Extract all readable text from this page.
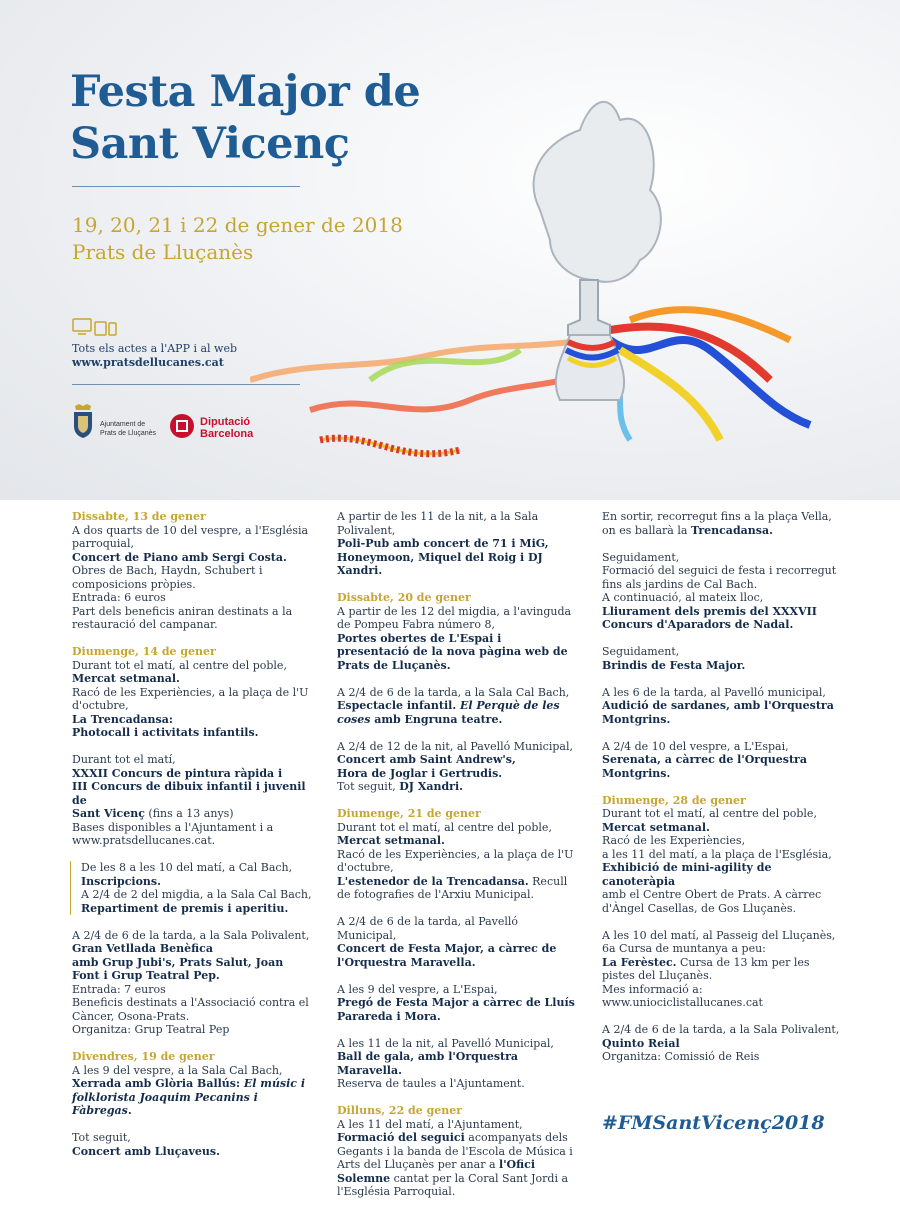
Festa Major de
Sant Vicenç
19, 20, 21 i 22 de gener de 2018
Prats de Lluçanès
Tots els actes a l'APP i al web
www.pratsdellucanes.cat
Ajuntament de
Prats de Lluçanès
Diputació
Barcelona

Dissabte, 13 de gener
A dos quarts de 10 del vespre, a l'Església parroquial,
Concert de Piano amb Sergi Costa.
Obres de Bach, Haydn, Schubert i composicions pròpies.
Entrada: 6 euros
Part dels beneficis aniran destinats a la restauració del campanar.

Diumenge, 14 de gener
Durant tot el matí, al centre del poble,
Mercat setmanal.
Racó de les Experiències, a la plaça de l'U d'octubre,
La Trencadansa:
Photocall i activitats infantils.

Durant tot el matí,
XXXII Concurs de pintura ràpida i
III Concurs de dibuix infantil i juvenil de
Sant Vicenç (fins a 13 anys)
Bases disponibles a l'Ajuntament i a www.pratsdellucanes.cat.

De les 8 a les 10 del matí, a Cal Bach,
Inscripcions.
A 2/4 de 2 del migdia, a la Sala Cal Bach,
Repartiment de premis i aperitiu.

A 2/4 de 6 de la tarda, a la Sala Polivalent,
Gran Vetllada Benèfica
amb Grup Jubi's, Prats Salut, Joan Font i Grup Teatral Pep.
Entrada: 7 euros
Beneficis destinats a l'Associació contra el Càncer, Osona-Prats.
Organitza: Grup Teatral Pep

Divendres, 19 de gener
A les 9 del vespre, a la Sala Cal Bach,
Xerrada amb Glòria Ballús: El músic i folklorista Joaquim Pecanins i Fàbregas.

Tot seguit,
Concert amb Lluçaveus.

A partir de les 11 de la nit, a la Sala Polivalent,
Poli-Pub amb concert de 71 i MiG, Honeymoon, Miquel del Roig i DJ Xandri.

Dissabte, 20 de gener
A partir de les 12 del migdia, a l'avinguda de Pompeu Fabra número 8,
Portes obertes de L'Espai i presentació de la nova pàgina web de Prats de Lluçanès.

A 2/4 de 6 de la tarda, a la Sala Cal Bach,
Espectacle infantil. El Perquè de les coses amb Engruna teatre.

A 2/4 de 12 de la nit, al Pavelló Municipal,
Concert amb Saint Andrew's,
Hora de Joglar i Gertrudis.
Tot seguit, DJ Xandri.

Diumenge, 21 de gener
Durant tot el matí, al centre del poble,
Mercat setmanal.
Racó de les Experiències, a la plaça de l'U d'octubre,
L'estenedor de la Trencadansa. Recull de fotografies de l'Arxiu Municipal.

A 2/4 de 6 de la tarda, al Pavelló Municipal,
Concert de Festa Major, a càrrec de l'Orquestra Maravella.

A les 9 del vespre, a L'Espai,
Pregó de Festa Major a càrrec de Lluís Parareda i Mora.

A les 11 de la nit, al Pavelló Municipal,
Ball de gala, amb l'Orquestra Maravella.
Reserva de taules a l'Ajuntament.

Dilluns, 22 de gener
A les 11 del matí, a l'Ajuntament,
Formació del seguici acompanyats dels Gegants i la banda de l'Escola de Música i Arts del Lluçanès per anar a l'Ofici Solemne cantat per la Coral Sant Jordi a l'Església Parroquial.

En sortir, recorregut fins a la plaça Vella, on es ballarà la Trencadansa.

Seguidament,
Formació del seguici de festa i recorregut fins als jardins de Cal Bach.
A continuació, al mateix lloc,
Lliurament dels premis del XXXVII Concurs d'Aparadors de Nadal.

Seguidament,
Brindis de Festa Major.

A les 6 de la tarda, al Pavelló municipal,
Audició de sardanes, amb l'Orquestra Montgrins.

A 2/4 de 10 del vespre, a L'Espai,
Serenata, a càrrec de l'Orquestra Montgrins.

Diumenge, 28 de gener
Durant tot el matí, al centre del poble,
Mercat setmanal.
Racó de les Experiències,
a les 11 del matí, a la plaça de l'Església,
Exhibició de mini-agility de canoteràpia
amb el Centre Obert de Prats. A càrrec d'Àngel Casellas, de Gos Lluçanès.

A les 10 del matí, al Passeig del Lluçanès,
6a Cursa de muntanya a peu:
La Ferèstec. Cursa de 13 km per les pistes del Lluçanès.
Mes informació a:
www.uniociclistallucanes.cat

A 2/4 de 6 de la tarda, a la Sala Polivalent,
Quinto Reial
Organitza: Comissió de Reis

#FMSantVicenç2018
